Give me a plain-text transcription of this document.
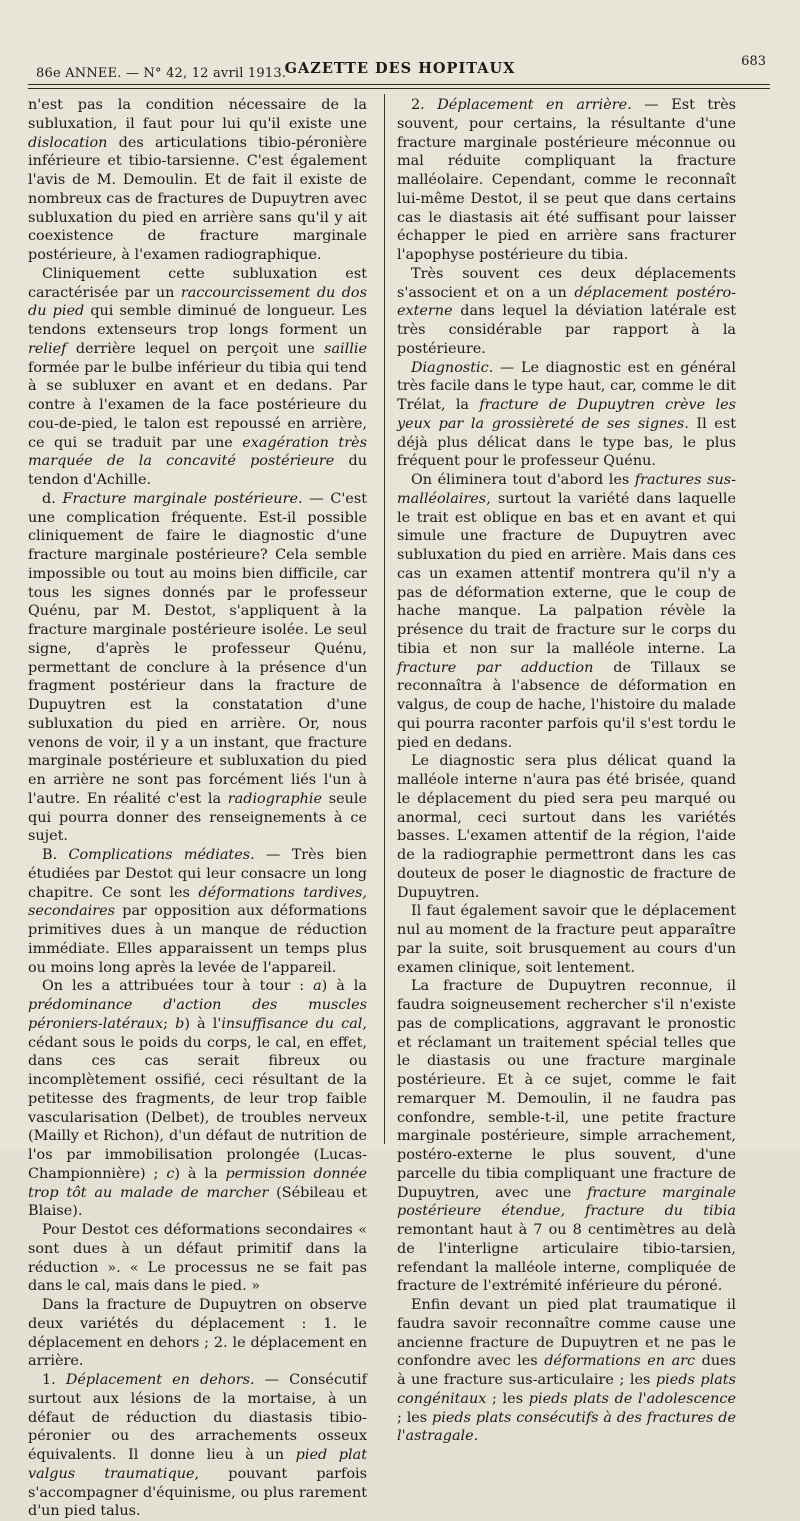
86e ANNEE. — N° 42, 12 avril 1913.
GAZETTE DES HOPITAUX	683

n'est pas la condition nécessaire de la subluxation, il faut pour lui qu'il existe une dislocation des articulations tibio-péronière inférieure et tibio-tarsienne. C'est également l'avis de M. Demoulin. Et de fait il existe de nombreux cas de fractures de Dupuytren avec subluxation du pied en arrière sans qu'il y ait coexistence de fracture marginale postérieure, à l'examen radiographique.

Cliniquement cette subluxation est caractérisée par un raccourcissement du dos du pied qui semble diminué de longueur. Les tendons extenseurs trop longs forment un relief derrière lequel on perçoit une saillie formée par le bulbe inférieur du tibia qui tend à se subluxer en avant et en dedans. Par contre à l'examen de la face postérieure du cou-de-pied, le talon est repoussé en arrière, ce qui se traduit par une exagération très marquée de la concavité postérieure du tendon d'Achille.

d. Fracture marginale postérieure. — C'est une complication fréquente. Est-il possible cliniquement de faire le diagnostic d'une fracture marginale postérieure? Cela semble impossible ou tout au moins bien difficile, car tous les signes donnés par le professeur Quénu, par M. Destot, s'appliquent à la fracture marginale postérieure isolée. Le seul signe, d'après le professeur Quénu, permettant de conclure à la présence d'un fragment postérieur dans la fracture de Dupuytren est la constatation d'une subluxation du pied en arrière. Or, nous venons de voir, il y a un instant, que fracture marginale postérieure et subluxation du pied en arrière ne sont pas forcément liés l'un à l'autre. En réalité c'est la radiographie seule qui pourra donner des renseignements à ce sujet.

B. Complications médiates. — Très bien étudiées par Destot qui leur consacre un long chapitre. Ce sont les déformations tardives, secondaires par opposition aux déformations primitives dues à un manque de réduction immédiate. Elles apparaissent un temps plus ou moins long après la levée de l'appareil.

On les a attribuées tour à tour : a) à la prédominance d'action des muscles péroniers-latéraux; b) à l'insuffisance du cal, cédant sous le poids du corps, le cal, en effet, dans ces cas serait fibreux ou incomplètement ossifié, ceci résultant de la petitesse des fragments, de leur trop faible vascularisation (Delbet), de troubles nerveux (Mailly et Richon), d'un défaut de nutrition de l'os par immobilisation prolongée (Lucas-Championnière) ; c) à la permission donnée trop tôt au malade de marcher (Sébileau et Blaise).

Pour Destot ces déformations secondaires « sont dues à un défaut primitif dans la réduction ». « Le processus ne se fait pas dans le cal, mais dans le pied. »

Dans la fracture de Dupuytren on observe deux variétés du déplacement : 1. le déplacement en dehors ; 2. le déplacement en arrière.

1. Déplacement en dehors. — Consécutif surtout aux lésions de la mortaise, à un défaut de réduction du diastasis tibio-péronier ou des arrachements osseux équivalents. Il donne lieu à un pied plat valgus traumatique, pouvant parfois s'accompagner d'équinisme, ou plus rarement d'un pied talus.

2. Déplacement en arrière. — Est très souvent, pour certains, la résultante d'une fracture marginale postérieure méconnue ou mal réduite compliquant la fracture malléolaire. Cependant, comme le reconnaît lui-même Destot, il se peut que dans certains cas le diastasis ait été suffisant pour laisser échapper le pied en arrière sans fracturer l'apophyse postérieure du tibia.

Très souvent ces deux déplacements s'associent et on a un déplacement postéro-externe dans lequel la déviation latérale est très considérable par rapport à la postérieure.

Diagnostic. — Le diagnostic est en général très facile dans le type haut, car, comme le dit Trélat, la fracture de Dupuytren crève les yeux par la grossièreté de ses signes. Il est déjà plus délicat dans le type bas, le plus fréquent pour le professeur Quénu.

On éliminera tout d'abord les fractures sus-malléolaires, surtout la variété dans laquelle le trait est oblique en bas et en avant et qui simule une fracture de Dupuytren avec subluxation du pied en arrière. Mais dans ces cas un examen attentif montrera qu'il n'y a pas de déformation externe, que le coup de hache manque. La palpation révèle la présence du trait de fracture sur le corps du tibia et non sur la malléole interne. La fracture par adduction de Tillaux se reconnaîtra à l'absence de déformation en valgus, de coup de hache, l'histoire du malade qui pourra raconter parfois qu'il s'est tordu le pied en dedans.

Le diagnostic sera plus délicat quand la malléole interne n'aura pas été brisée, quand le déplacement du pied sera peu marqué ou anormal, ceci surtout dans les variétés basses. L'examen attentif de la région, l'aide de la radiographie permettront dans les cas douteux de poser le diagnostic de fracture de Dupuytren.

Il faut également savoir que le déplacement nul au moment de la fracture peut apparaître par la suite, soit brusquement au cours d'un examen clinique, soit lentement.

La fracture de Dupuytren reconnue, il faudra soigneusement rechercher s'il n'existe pas de complications, aggravant le pronostic et réclamant un traitement spécial telles que le diastasis ou une fracture marginale postérieure. Et à ce sujet, comme le fait remarquer M. Demoulin, il ne faudra pas confondre, semble-t-il, une petite fracture marginale postérieure, simple arrachement, postéro-externe le plus souvent, d'une parcelle du tibia compliquant une fracture de Dupuytren, avec une fracture marginale postérieure étendue, fracture du tibia remontant haut à 7 ou 8 centimètres au delà de l'interligne articulaire tibio-tarsien, refendant la malléole interne, compliquée de fracture de l'extrémité inférieure du péroné.

Enfin devant un pied plat traumatique il faudra savoir reconnaître comme cause une ancienne fracture de Dupuytren et ne pas le confondre avec les déformations en arc dues à une fracture sus-articulaire ; les pieds plats congénitaux ; les pieds plats de l'adolescence ; les pieds plats consécutifs à des fractures de l'astragale.
